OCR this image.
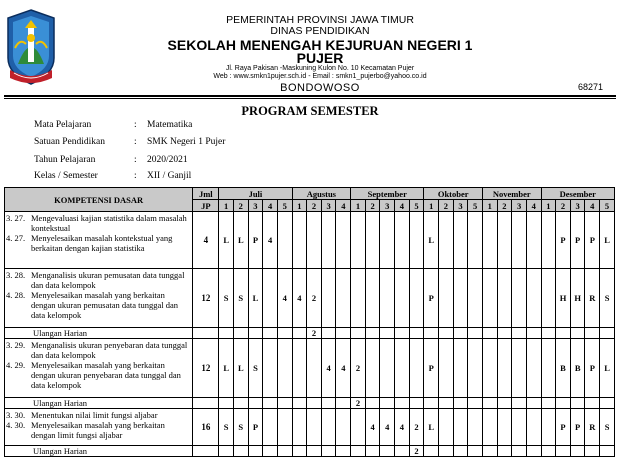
PEMERINTAH PROVINSI JAWA TIMUR
DINAS PENDIDIKAN
SEKOLAH MENENGAH KEJURUAN NEGERI 1
PUJER
Jl. Raya Pakisan -Maskuning Kulon No. 10 Kecamatan Pujer
Web : www.smkn1pujer.sch.id - Email : smkn1_pujerbo@yahoo.co.id
BONDOWOSO	68271
PROGRAM SEMESTER
Mata Pelajaran	:	Matematika
Satuan Pendidikan	:	SMK Negeri 1 Pujer
Tahun Pelajaran	:	2020/2021
Kelas / Semester	:	XII / Ganjil
KOMPETENSI DASAR	Jml	Juli					Agustus				September					Oktober				November				Desember				
	JP	1	2	3	4	5	1	2	3	4	1	2	3	4	5	1	2	3	5	1	2	3	4	1	2	3	4	5

3. 27. Mengevaluasi kajian statistika dalam masalah kontekstual
4. 27. Menyelesaikan masalah kontekstual yang berkaitan dengan kajian statistika	4	L	L	P	4											L									P	P	P	L

3. 28. Menganalisis ukuran pemusatan data tunggal dan data kelompok
4. 28. Menyelesaikan masalah yang berkaitan dengan ukuran pemusatan data tunggal dan data kelompok	12	S	S	L		4	4	2								P									H	H	R	S
Ulangan Harian								2																				

3. 29. Menganalisis ukuran penyebaran data tunggal dan data kelompok
4. 29. Menyelesaikan masalah yang berkaitan dengan ukuran penyebaran data tunggal dan data kelompok	12	L	L	S					4	4	2					P									B	B	P	L
Ulangan Harian											2																	

3. 30. Menentukan nilai limit fungsi aljabar
4. 30. Menyelesaikan masalah yang berkaitan dengan limit fungsi aljabar	16	S	S	P								4	4	4	2	L									P	P	R	S
Ulangan Harian															2													
